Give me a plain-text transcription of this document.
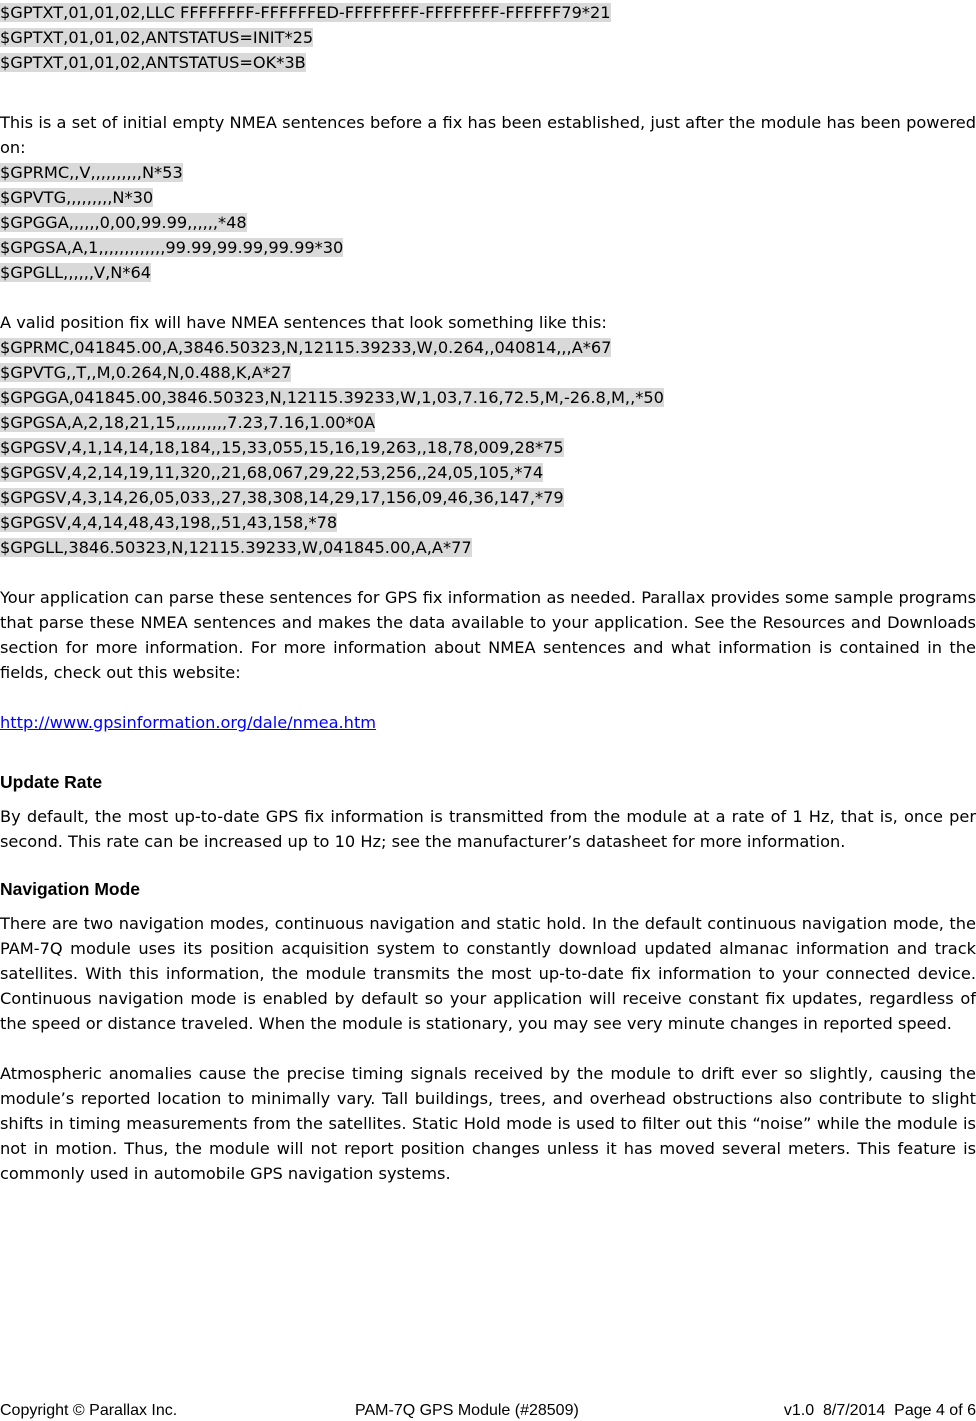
$GPTXT,01,01,02,LLC FFFFFFFF-FFFFFFED-FFFFFFFF-FFFFFFFF-FFFFFF79*21
$GPTXT,01,01,02,ANTSTATUS=INIT*25
$GPTXT,01,01,02,ANTSTATUS=OK*3B

This is a set of initial empty NMEA sentences before a fix has been established, just after the module has been powered on:

$GPRMC,,V,,,,,,,,,,N*53
$GPVTG,,,,,,,,,N*30
$GPGGA,,,,,,0,00,99.99,,,,,,*48
$GPGSA,A,1,,,,,,,,,,,,,99.99,99.99,99.99*30
$GPGLL,,,,,,V,N*64

A valid position fix will have NMEA sentences that look something like this:

$GPRMC,041845.00,A,3846.50323,N,12115.39233,W,0.264,,040814,,,A*67
$GPVTG,,T,,M,0.264,N,0.488,K,A*27
$GPGGA,041845.00,3846.50323,N,12115.39233,W,1,03,7.16,72.5,M,-26.8,M,,*50
$GPGSA,A,2,18,21,15,,,,,,,,,,7.23,7.16,1.00*0A
$GPGSV,4,1,14,14,18,184,,15,33,055,15,16,19,263,,18,78,009,28*75
$GPGSV,4,2,14,19,11,320,,21,68,067,29,22,53,256,,24,05,105,*74
$GPGSV,4,3,14,26,05,033,,27,38,308,14,29,17,156,09,46,36,147,*79
$GPGSV,4,4,14,48,43,198,,51,43,158,*78
$GPGLL,3846.50323,N,12115.39233,W,041845.00,A,A*77

Your application can parse these sentences for GPS fix information as needed. Parallax provides some sample programs that parse these NMEA sentences and makes the data available to your application. See the Resources and Downloads section for more information. For more information about NMEA sentences and what information is contained in the fields, check out this website:

http://www.gpsinformation.org/dale/nmea.htm
Update Rate

By default, the most up-to-date GPS fix information is transmitted from the module at a rate of 1 Hz, that is, once per second. This rate can be increased up to 10 Hz; see the manufacturer’s datasheet for more information.

Navigation Mode

There are two navigation modes, continuous navigation and static hold. In the default continuous navigation mode, the PAM-7Q module uses its position acquisition system to constantly download updated almanac information and track satellites. With this information, the module transmits the most up-to-date fix information to your connected device. Continuous navigation mode is enabled by default so your application will receive constant fix updates, regardless of the speed or distance traveled. When the module is stationary, you may see very minute changes in reported speed.

Atmospheric anomalies cause the precise timing signals received by the module to drift ever so slightly, causing the module’s reported location to minimally vary. Tall buildings, trees, and overhead obstructions also contribute to slight shifts in timing measurements from the satellites. Static Hold mode is used to filter out this “noise” while the module is not in motion. Thus, the module will not report position changes unless it has moved several meters. This feature is commonly used in automobile GPS navigation systems.

Copyright © Parallax Inc.	PAM-7Q GPS Module (#28509)	v1.0  8/7/2014  Page 4 of 6
